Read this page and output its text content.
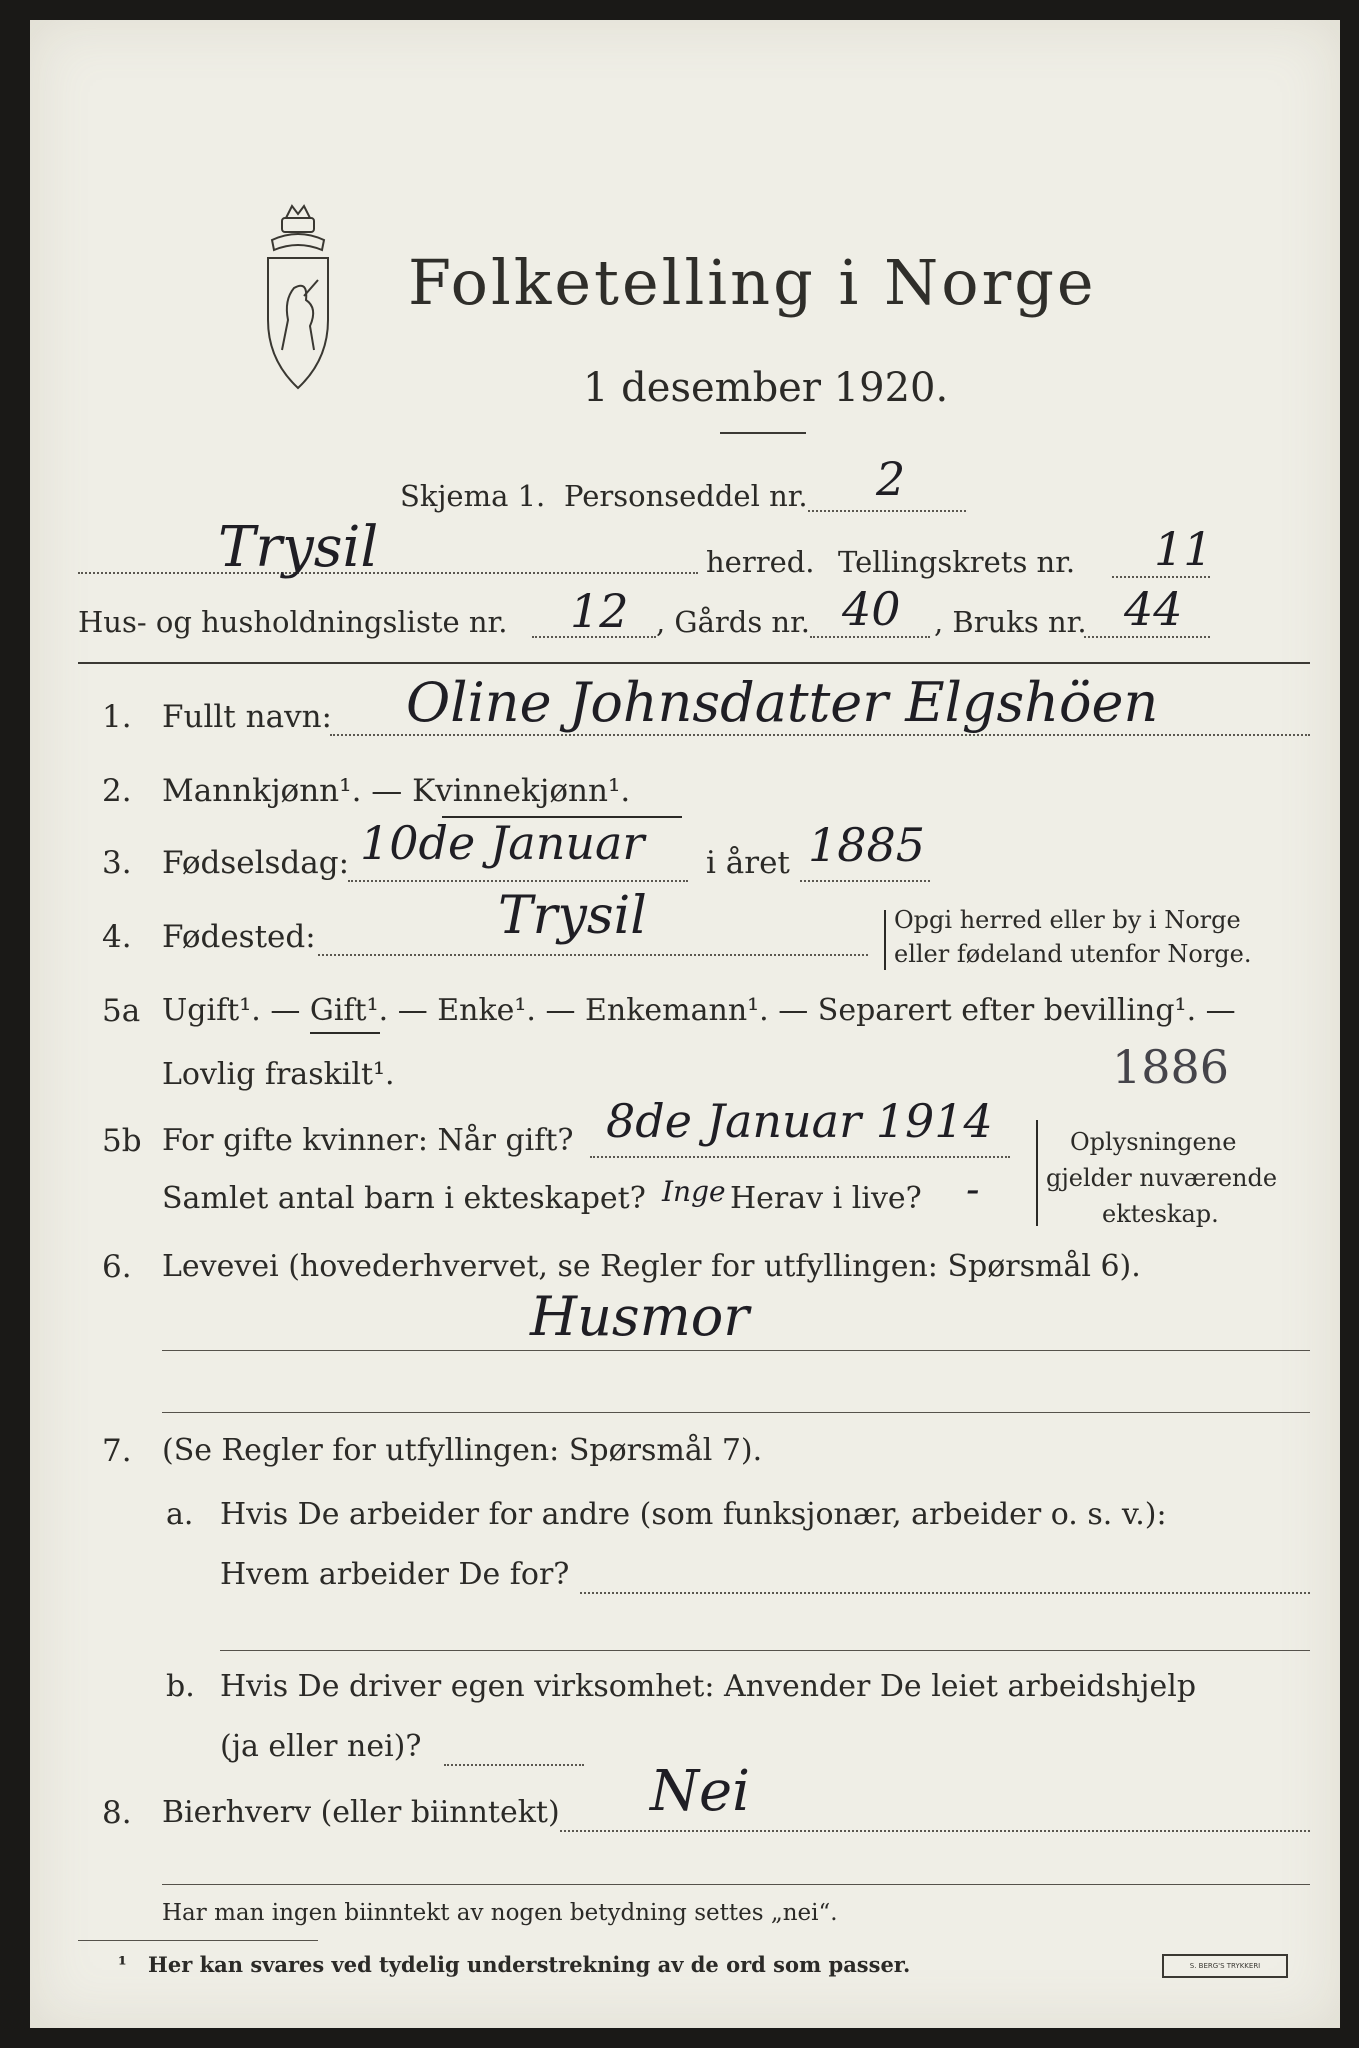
Folketelling i Norge
1 desember 1920.
Skjema 1. Personseddel nr. 2
Trysil	herred. Tellingskrets nr. 11
Hus- og husholdningsliste nr. 12 , Gårds nr. 40 , Bruks nr. 44
1. Fullt navn: Oline Johnsdatter Elgshöen
2. Mannkjønn¹. — Kvinnekjønn¹.
3. Fødselsdag: 10de Januar i året 1885
4. Fødested:	Trysil	Opgi herred eller by i Norge
eller fødeland utenfor Norge.
5a Ugift¹. — Gift¹. — Enke¹. — Enkemann¹. — Separert efter bevilling¹. —
Lovlig fraskilt¹.	1886
5b For gifte kvinner: Når gift? 8de Januar 1914
Samlet antal barn i ekteskapet? Inge Herav i live? -
Oplysningene
gjelder nuværende
ekteskap.
6. Levevei (hovederhvervet, se Regler for utfyllingen: Spørsmål 6).
Husmor
7. (Se Regler for utfyllingen: Spørsmål 7).
a. Hvis De arbeider for andre (som funksjonær, arbeider o. s. v.):
Hvem arbeider De for?
b. Hvis De driver egen virksomhet: Anvender De leiet arbeidshjelp
(ja eller nei)?
8. Bierhverv (eller biinntekt) Nei
Har man ingen biinntekt av nogen betydning settes „nei“.
¹ Her kan svares ved tydelig understrekning av de ord som passer.	S. BERG'S TRYKKERI
